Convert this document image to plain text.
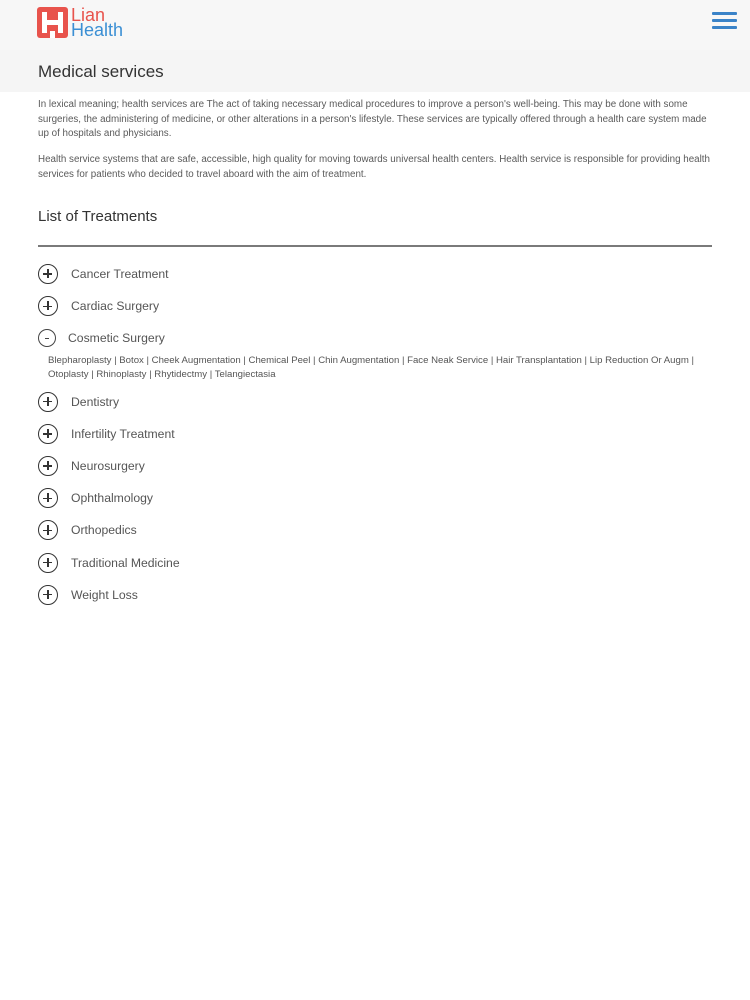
Lian
Health
Medical services

In lexical meaning; health services are The act of taking necessary medical procedures to improve a person's well-being. This may be done with some surgeries, the administering of medicine, or other alterations in a person's lifestyle. These services are typically offered through a health care system made up of hospitals and physicians.

Health service systems that are safe, accessible, high quality for moving towards universal health centers. Health service is responsible for providing health services for patients who decided to travel aboard with the aim of treatment.

List of Treatments
Cancer Treatment
Cardiac Surgery
Cosmetic Surgery
Blepharoplasty | Botox | Cheek Augmentation | Chemical Peel | Chin Augmentation | Face Neak Service | Hair Transplantation | Lip Reduction Or Augm | Otoplasty | Rhinoplasty | Rhytidectmy | Telangiectasia
Dentistry
Infertility Treatment
Neurosurgery
Ophthalmology
Orthopedics
Traditional Medicine
Weight Loss
